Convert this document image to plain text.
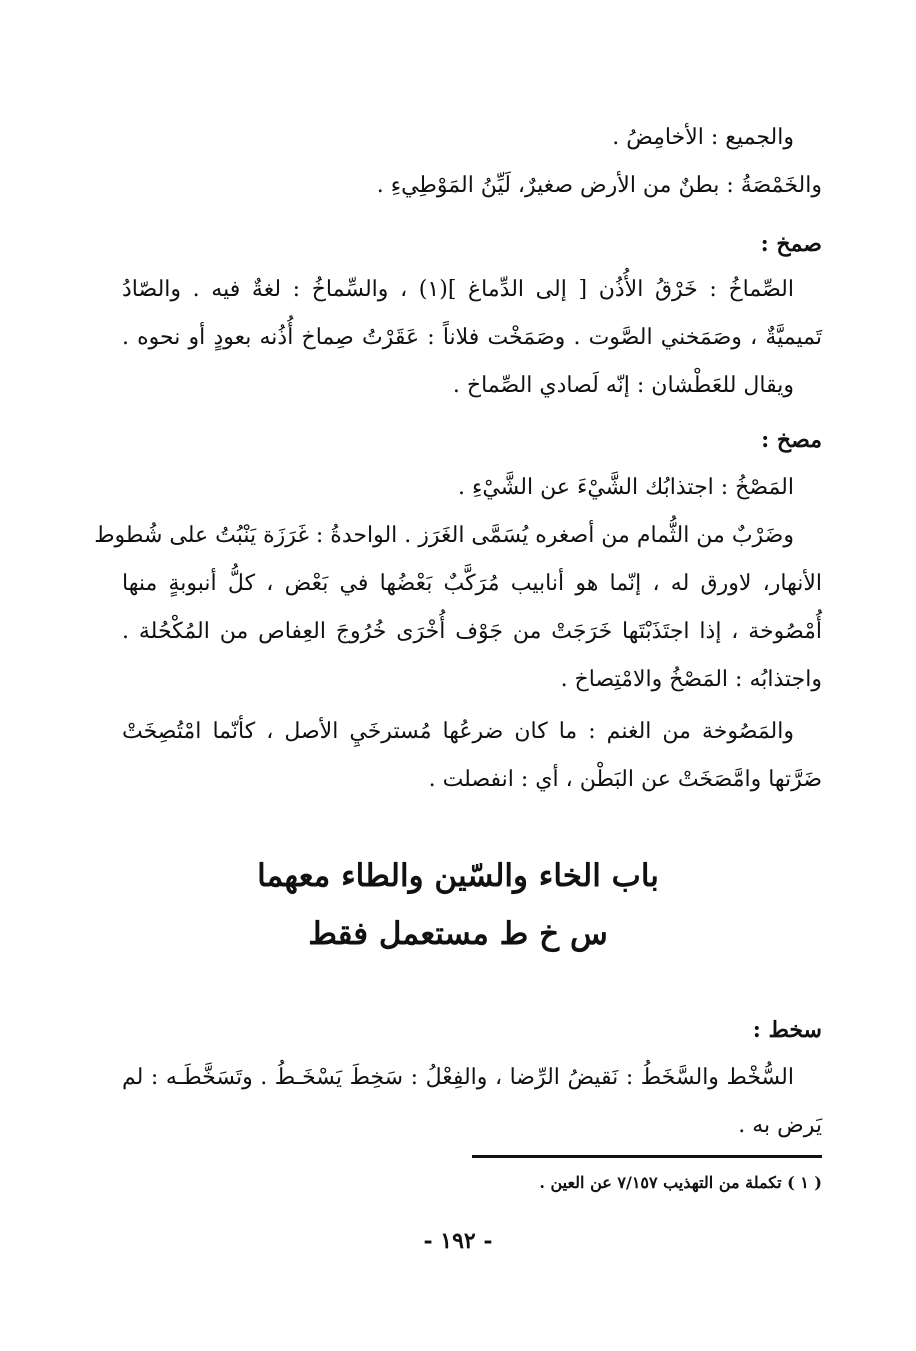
والجميع : الأخامِضُ .
والخَمْصَةُ : بطنٌ من الأرض صغيرٌ، لَيِّنُ المَوْطِيءِ .
صمخ :
الصِّماخُ : خَرْقُ الأُذُن [ إلى الدِّماغ ](١) ، والسِّماخُ : لغةٌ فيه . والصّادُ
تَميميَّةٌ ، وصَمَخني الصَّوت . وصَمَخْت فلاناً : عَقَرْتُ صِماخ أُذُنه بعودٍ أو نحوه .
ويقال للعَطْشان : إنّه لَصادي الصِّماخ .
مصخ :
المَصْخُ : اجتذابُك الشَّيْءَ عن الشَّيْءِ .
وضَرْبٌ من الثُّمام من أصغره يُسَمَّى الغَرَز . الواحدةُ : غَرَزَة يَنْبُتُ على شُطوط
الأنهار، لاورق له ، إنّما هو أنابيب مُرَكَّبٌ بَعْضُها في بَعْض ، كلُّ أنبوبةٍ منها
أُمْصُوخة ، إذا اجتَذَبْتَها خَرَجَتْ من جَوْف أُخْرَى خُرُوجَ العِفاص من المُكْحُلة .
واجتذابُه : المَصْخُ والامْتِصاخ .
والمَصُوخة من الغنم : ما كان ضرعُها مُسترخَيِ الأصل ، كأنّما امْتُصِخَتْ
ضَرَّتها وامَّصَخَتْ عن البَطْن ، أي : انفصلت .
باب الخاء والسّين والطاء معهما
س خ ط مستعمل فقط
سخط :
السُّخْط والسَّخَطُ : نَقيضُ الرِّضا ، والفِعْلُ : سَخِطَ يَسْخَـطُ . وتَسَخَّطَـه : لم
يَرض به .
( ١ ) تكملة من التهذيب ٧/١٥٧ عن العين .
- ١٩٢ -
